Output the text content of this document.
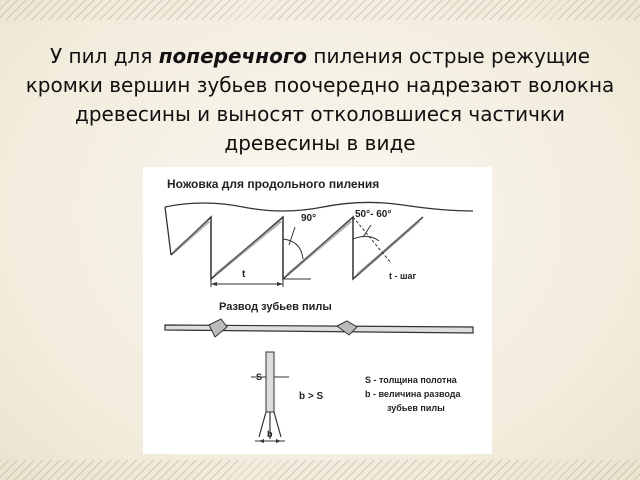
У пил для поперечного пиления острые режущие кромки вершин зубьев поочередно надрезают волокна древесины и выносят отколовшиеся частички древесины в виде
Ножовка для продольного пиления
90°	50°- 60°
t	t - шаг
Развод зубьев пилы
S
b
b > S
S - толщина полотна
b - величина развода
зубьев пилы
